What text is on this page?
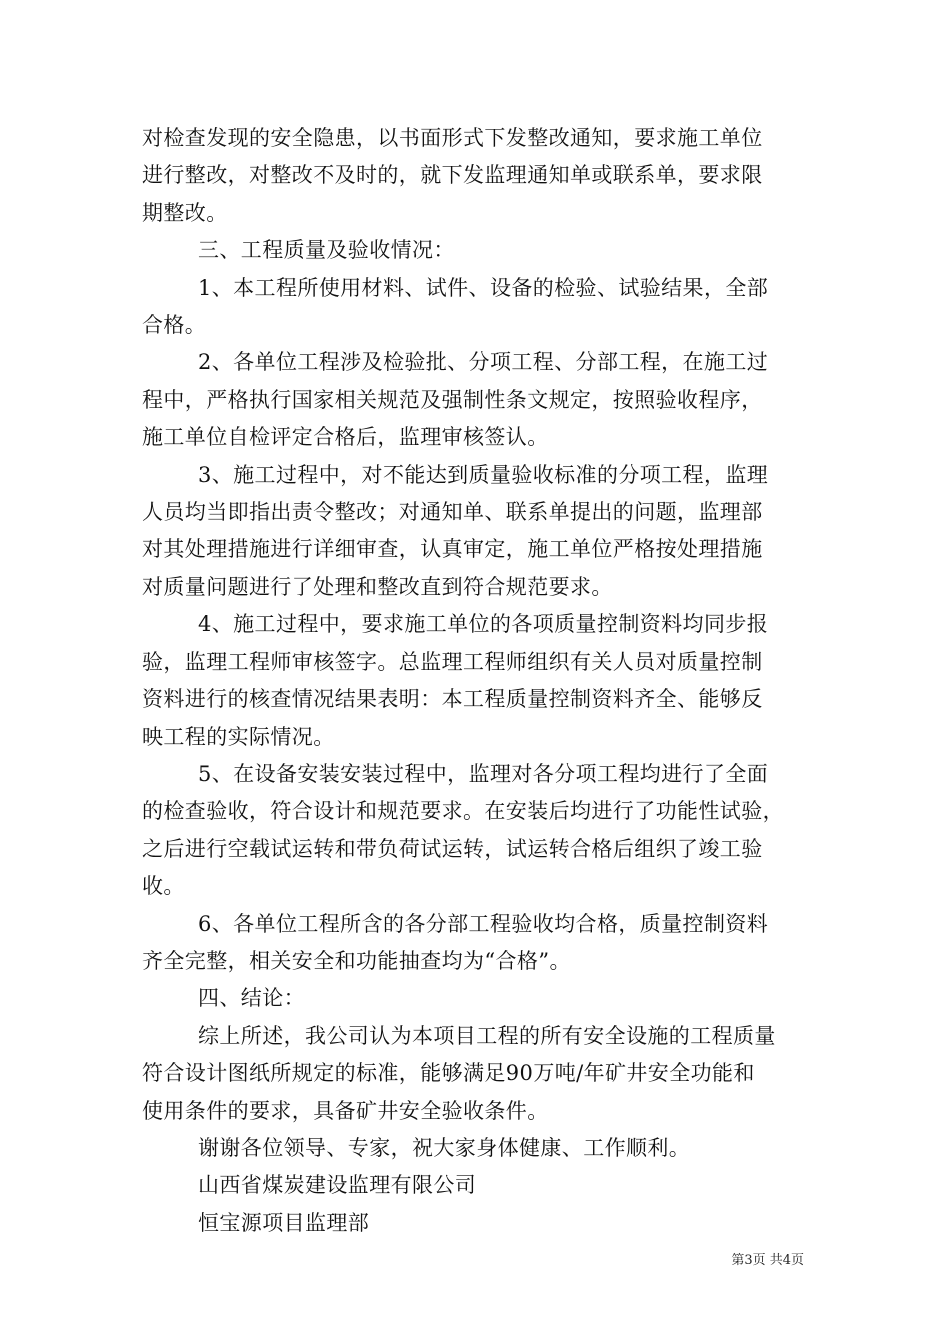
对检查发现的安全隐患，以书面形式下发整改通知，要求施工单位
进行整改，对整改不及时的，就下发监理通知单或联系单，要求限
期整改。

三、工程质量及验收情况：

1、本工程所使用材料、试件、设备的检验、试验结果，全部
合格。

2、各单位工程涉及检验批、分项工程、分部工程，在施工过
程中，严格执行国家相关规范及强制性条文规定，按照验收程序，
施工单位自检评定合格后，监理审核签认。

3、施工过程中，对不能达到质量验收标准的分项工程，监理
人员均当即指出责令整改；对通知单、联系单提出的问题，监理部
对其处理措施进行详细审查，认真审定，施工单位严格按处理措施
对质量问题进行了处理和整改直到符合规范要求。

4、施工过程中，要求施工单位的各项质量控制资料均同步报
验，监理工程师审核签字。总监理工程师组织有关人员对质量控制
资料进行的核查情况结果表明：本工程质量控制资料齐全、能够反
映工程的实际情况。

5、在设备安装安装过程中，监理对各分项工程均进行了全面
的检查验收，符合设计和规范要求。在安装后均进行了功能性试验，
之后进行空载试运转和带负荷试运转，试运转合格后组织了竣工验
收。

6、各单位工程所含的各分部工程验收均合格，质量控制资料
齐全完整，相关安全和功能抽查均为“合格”。

四、结论：

综上所述，我公司认为本项目工程的所有安全设施的工程质量
符合设计图纸所规定的标准，能够满足90万吨/年矿井安全功能和
使用条件的要求，具备矿井安全验收条件。

谢谢各位领导、专家，祝大家身体健康、工作顺利。

山西省煤炭建设监理有限公司

恒宝源项目监理部

第3页 共4页
